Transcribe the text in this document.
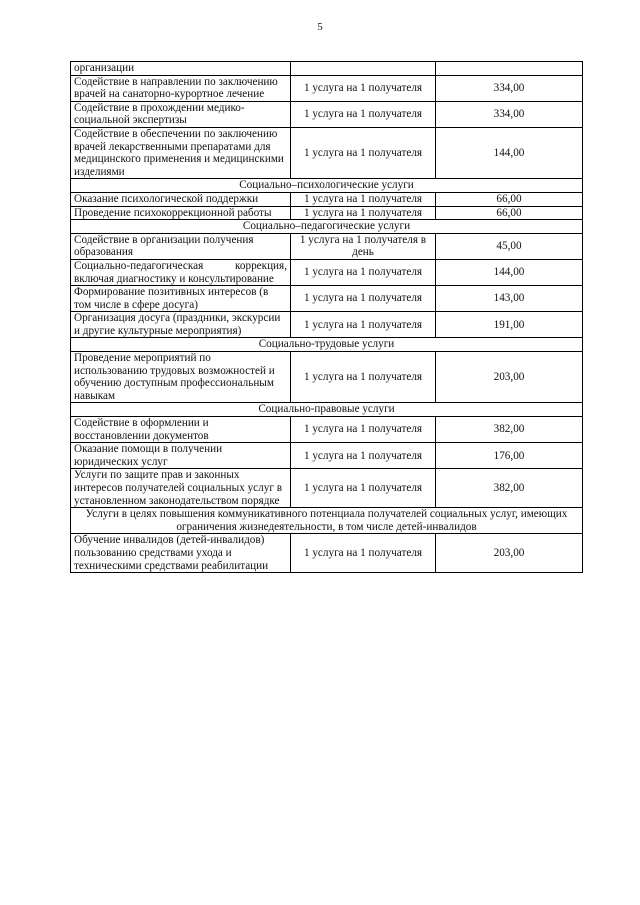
5
организации		
Содействие в направлении по заключению врачей на санаторно-курортное лечение	1 услуга на 1 получателя	334,00
Содействие в прохождении медико-социальной экспертизы	1 услуга на 1 получателя	334,00
Содействие в обеспечении по заключению врачей лекарственными препаратами для медицинского применения и медицинскими изделиями	1 услуга на 1 получателя	144,00
Социально–психологические услуги		
Оказание психологической поддержки	1 услуга на 1 получателя	66,00
Проведение психокоррекционной работы	1 услуга на 1 получателя	66,00
Социально–педагогические услуги		
Содействие в организации получения образования	1 услуга на 1 получателя в день	45,00
Социально-педагогическая коррекция, включая диагностику и консультирование	1 услуга на 1 получателя	144,00
Формирование позитивных интересов (в том числе в сфере досуга)	1 услуга на 1 получателя	143,00
Организация досуга (праздники, экскурсии и другие культурные мероприятия)	1 услуга на 1 получателя	191,00
Социально-трудовые услуги		
Проведение мероприятий по использованию трудовых возможностей и обучению доступным профессиональным навыкам	1 услуга на 1 получателя	203,00
Социально-правовые услуги		
Содействие в оформлении и восстановлении документов	1 услуга на 1 получателя	382,00
Оказание помощи в получении юридических услуг	1 услуга на 1 получателя	176,00
Услуги по защите прав и законных интересов получателей социальных услуг в установленном законодательством порядке	1 услуга на 1 получателя	382,00
Услуги в целях повышения коммуникативного потенциала получателей социальных услуг, имеющих ограничения жизнедеятельности, в том числе детей-инвалидов		
Обучение инвалидов (детей-инвалидов) пользованию средствами ухода и техническими средствами реабилитации	1 услуга на 1 получателя	203,00
